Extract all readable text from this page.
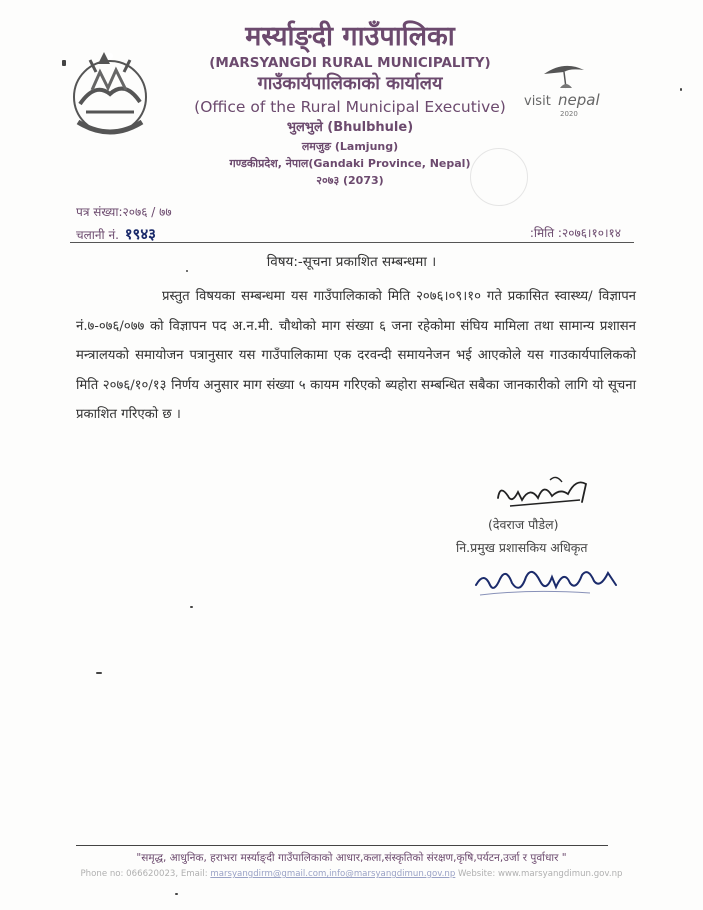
मर्स्याङ्दी गाउँपालिका
(MARSYANGDI RURAL MUNICIPALITY)
गाउँकार्यपालिकाको कार्यालय
(Office of the Rural Municipal Executive)
भुलभुले (Bhulbhule)
लमजुङ (Lamjung)
गण्डकीप्रदेश, नेपाल(Gandaki Province, Nepal)
२०७३ (2073)
visit nepal
2020
पत्र संख्या:२०७६ / ७७
चलानी नं. १९४३	:मिति :२०७६।१०।१४
विषय:-सूचना प्रकाशित सम्बन्धमा ।
प्रस्तुत विषयका सम्बन्धमा यस गाउँपालिकाको मिति २०७६।०९।१० गते प्रकासित स्वास्थ्य/ विज्ञापन नं.७-०७६/०७७ को विज्ञापन पद अ.न.मी. चौथोको माग संख्या ६ जना रहेकोमा संघिय मामिला तथा सामान्य प्रशासन मन्त्रालयको समायोजन पत्रानुसार यस गाउँपालिकामा एक दरवन्दी समायनेजन भई आएकोले यस गाउकार्यपालिकको मिति २०७६/१०/१३ निर्णय अनुसार माग संख्या ५ कायम गरिएको ब्यहोरा सम्बन्धित सबैका जानकारीको लागि यो सूचना प्रकाशित गरिएको छ ।
(देवराज पौडेल)
नि.प्रमुख प्रशासकिय अधिकृत
"समृद्ध, आधुनिक, हराभरा मर्स्याङ्दी गाउँपालिकाको आधार,कला,संस्कृतिको संरक्षण,कृषि,पर्यटन,उर्जा र पुर्वाधार "
Phone no: 066620023, Email: marsyangdirm@gmail.com,info@marsyangdimun.gov.np Website: www.marsyangdimun.gov.np
